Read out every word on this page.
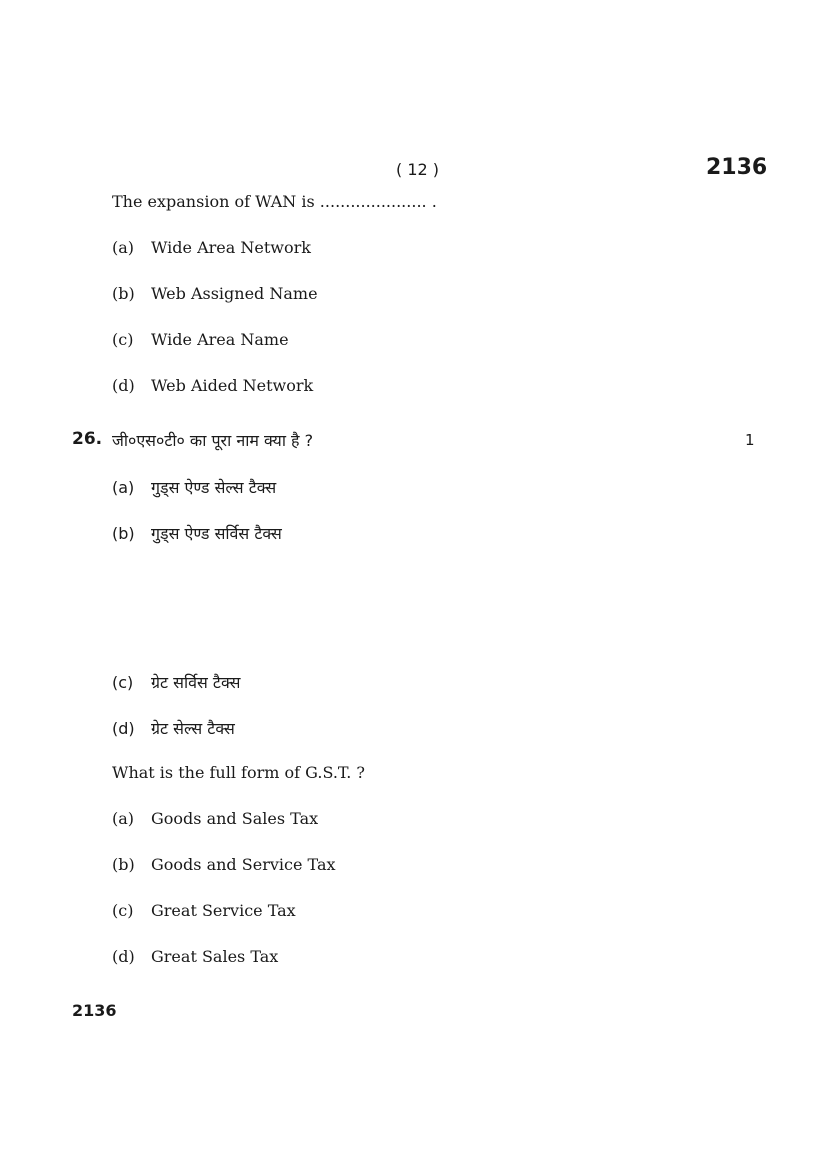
( 12 )	2136
The expansion of WAN is ..................... .
(a) Wide Area Network
(b) Web Assigned Name
(c) Wide Area Name
(d) Web Aided Network
26. जी०एस०टी० का पूरा नाम क्या है ?	1
(a) गुड्स ऐण्ड सेल्स टैक्स
(b) गुड्स ऐण्ड सर्विस टैक्स
(c) ग्रेट सर्विस टैक्स
(d) ग्रेट सेल्स टैक्स
What is the full form of G.S.T. ?
(a) Goods and Sales Tax
(b) Goods and Service Tax
(c) Great Service Tax
(d) Great Sales Tax
2136
